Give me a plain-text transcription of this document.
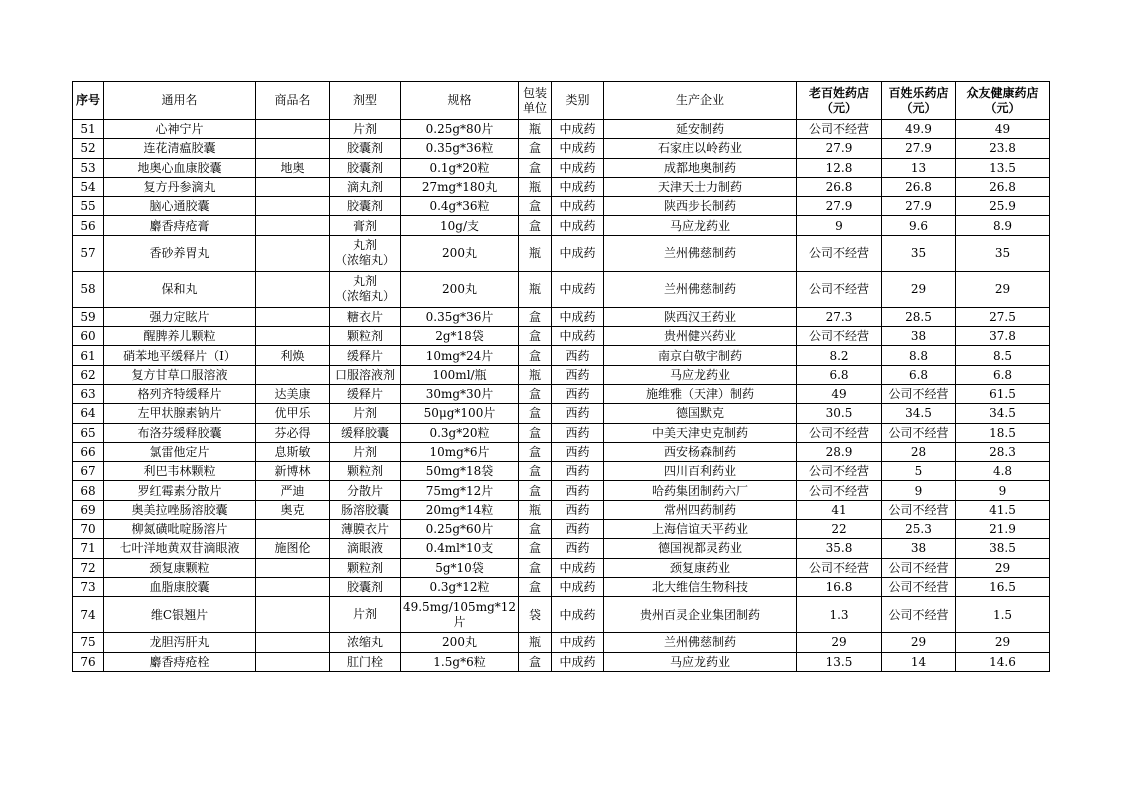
序号	通用名	商品名	剂型	规格	包装单位	类别	生产企业	老百姓药店（元）	百姓乐药店（元）	众友健康药店（元）
51	心神宁片		片剂	0.25g*80片	瓶	中成药	延安制药	公司不经营	49.9	49
52	连花清瘟胶囊		胶囊剂	0.35g*36粒	盒	中成药	石家庄以岭药业	27.9	27.9	23.8
53	地奥心血康胶囊	地奥	胶囊剂	0.1g*20粒	盒	中成药	成都地奥制药	12.8	13	13.5
54	复方丹参滴丸		滴丸剂	27mg*180丸	瓶	中成药	天津天士力制药	26.8	26.8	26.8
55	脑心通胶囊		胶囊剂	0.4g*36粒	盒	中成药	陕西步长制药	27.9	27.9	25.9
56	麝香痔疮膏		膏剂	10g/支	盒	中成药	马应龙药业	9	9.6	8.9
57	香砂养胃丸		丸剂
（浓缩丸）	200丸	瓶	中成药	兰州佛慈制药	公司不经营	35	35
58	保和丸		丸剂
（浓缩丸）	200丸	瓶	中成药	兰州佛慈制药	公司不经营	29	29
59	强力定眩片		糖衣片	0.35g*36片	盒	中成药	陕西汉王药业	27.3	28.5	27.5
60	醒脾养儿颗粒		颗粒剂	2g*18袋	盒	中成药	贵州健兴药业	公司不经营	38	37.8
61	硝苯地平缓释片（Ⅰ）	利焕	缓释片	10mg*24片	盒	西药	南京白敬宇制药	8.2	8.8	8.5
62	复方甘草口服溶液		口服溶液剂	100ml/瓶	瓶	西药	马应龙药业	6.8	6.8	6.8
63	格列齐特缓释片	达美康	缓释片	30mg*30片	盒	西药	施维雅（天津）制药	49	公司不经营	61.5
64	左甲状腺素钠片	优甲乐	片剂	50μg*100片	盒	西药	德国默克	30.5	34.5	34.5
65	布洛芬缓释胶囊	芬必得	缓释胶囊	0.3g*20粒	盒	西药	中美天津史克制药	公司不经营	公司不经营	18.5
66	氯雷他定片	息斯敏	片剂	10mg*6片	盒	西药	西安杨森制药	28.9	28	28.3
67	利巴韦林颗粒	新博林	颗粒剂	50mg*18袋	盒	西药	四川百利药业	公司不经营	5	4.8
68	罗红霉素分散片	严迪	分散片	75mg*12片	盒	西药	哈药集团制药六厂	公司不经营	9	9
69	奥美拉唑肠溶胶囊	奥克	肠溶胶囊	20mg*14粒	瓶	西药	常州四药制药	41	公司不经营	41.5
70	柳氮磺吡啶肠溶片		薄膜衣片	0.25g*60片	盒	西药	上海信谊天平药业	22	25.3	21.9
71	七叶洋地黄双苷滴眼液	施图伦	滴眼液	0.4ml*10支	盒	西药	德国视都灵药业	35.8	38	38.5
72	颈复康颗粒		颗粒剂	5g*10袋	盒	中成药	颈复康药业	公司不经营	公司不经营	29
73	血脂康胶囊		胶囊剂	0.3g*12粒	盒	中成药	北大维信生物科技	16.8	公司不经营	16.5
74	维C银翘片		片剂	49.5mg/105mg*12
片	袋	中成药	贵州百灵企业集团制药	1.3	公司不经营	1.5
75	龙胆泻肝丸		浓缩丸	200丸	瓶	中成药	兰州佛慈制药	29	29	29
76	麝香痔疮栓		肛门栓	1.5g*6粒	盒	中成药	马应龙药业	13.5	14	14.6
